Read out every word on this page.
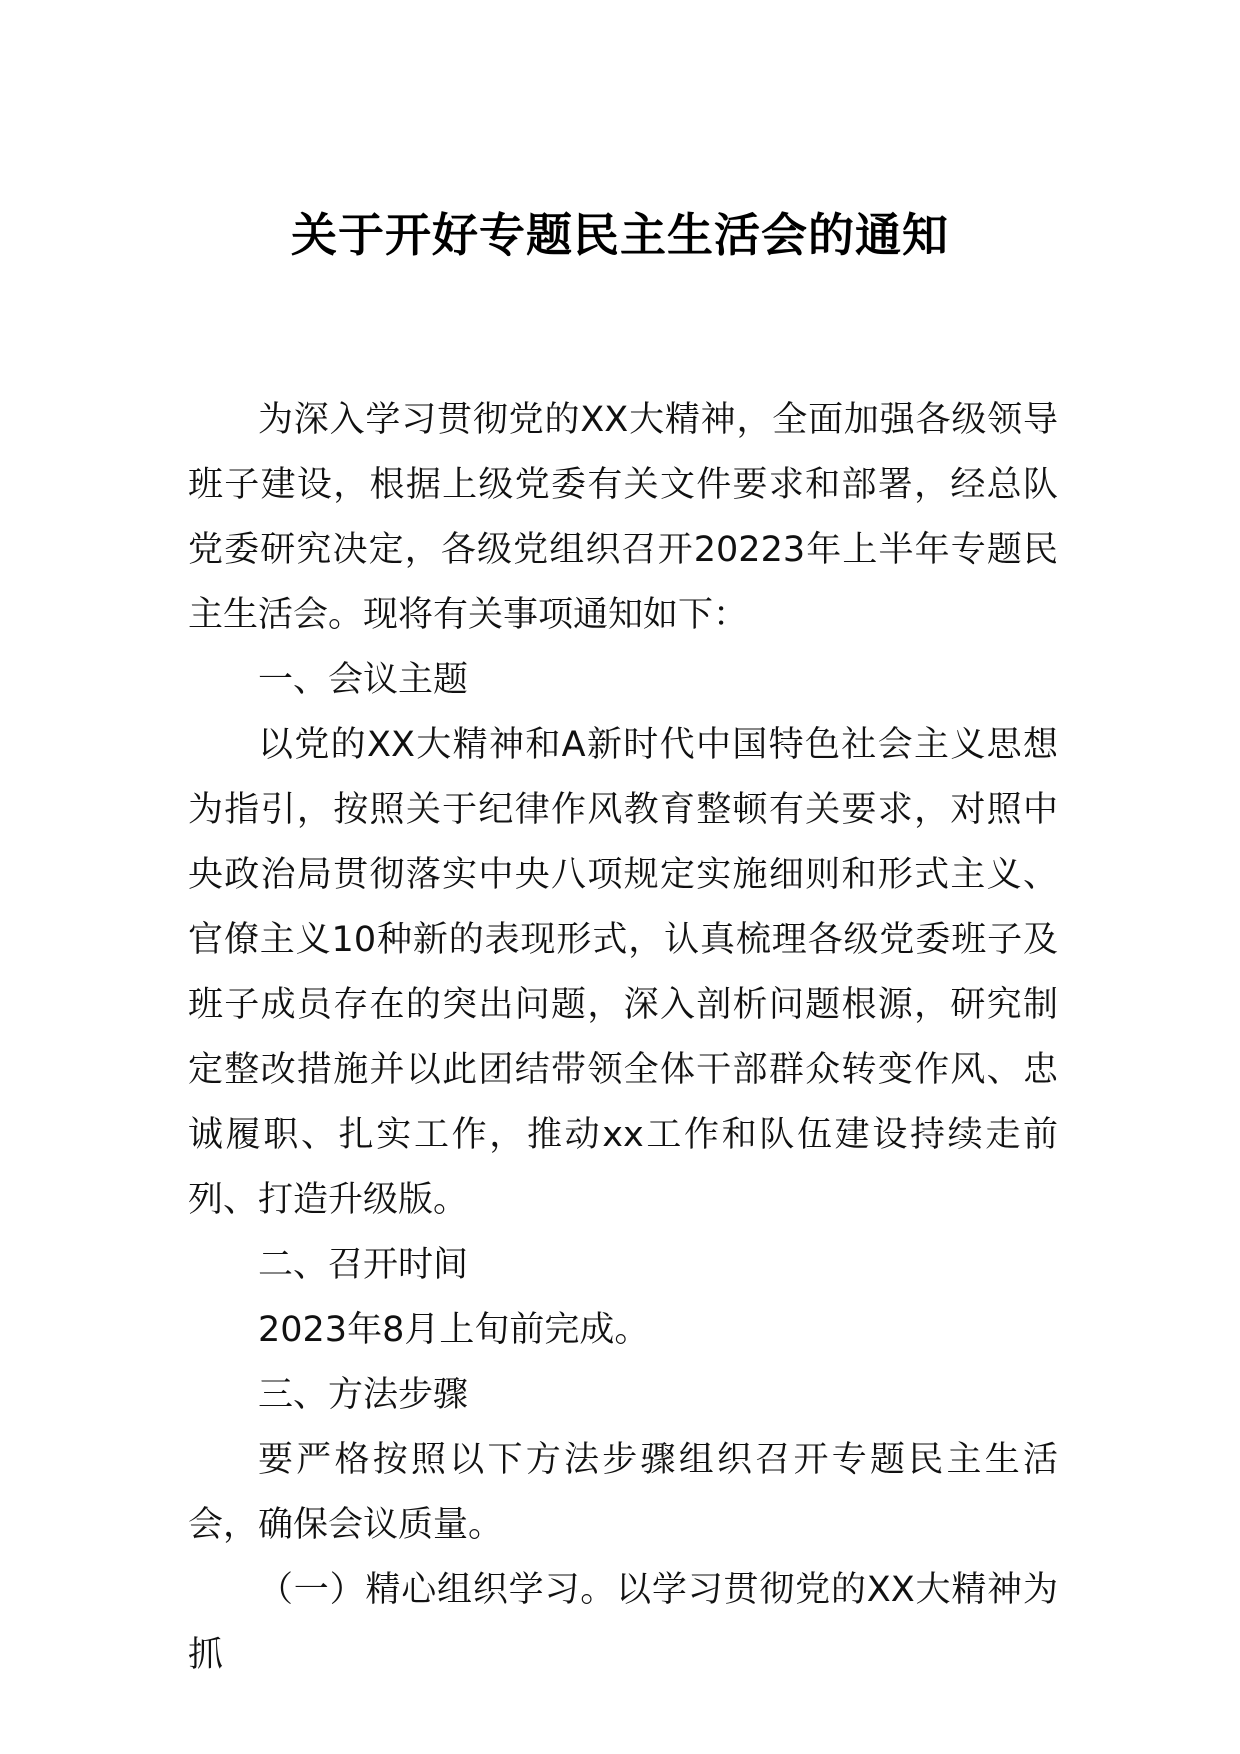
关于开好专题民主生活会的通知

为深入学习贯彻党的XX大精神，全面加强各级领导班子建设，根据上级党委有关文件要求和部署，经总队党委研究决定，各级党组织召开20223年上半年专题民主生活会。现将有关事项通知如下：

一、会议主题

以党的XX大精神和A新时代中国特色社会主义思想为指引，按照关于纪律作风教育整顿有关要求，对照中央政治局贯彻落实中央八项规定实施细则和形式主义、官僚主义10种新的表现形式，认真梳理各级党委班子及班子成员存在的突出问题，深入剖析问题根源，研究制定整改措施并以此团结带领全体干部群众转变作风、忠诚履职、扎实工作，推动xx工作和队伍建设持续走前列、打造升级版。

二、召开时间

2023年8月上旬前完成。

三、方法步骤

要严格按照以下方法步骤组织召开专题民主生活会，确保会议质量。

（一）精心组织学习。以学习贯彻党的XX大精神为抓
